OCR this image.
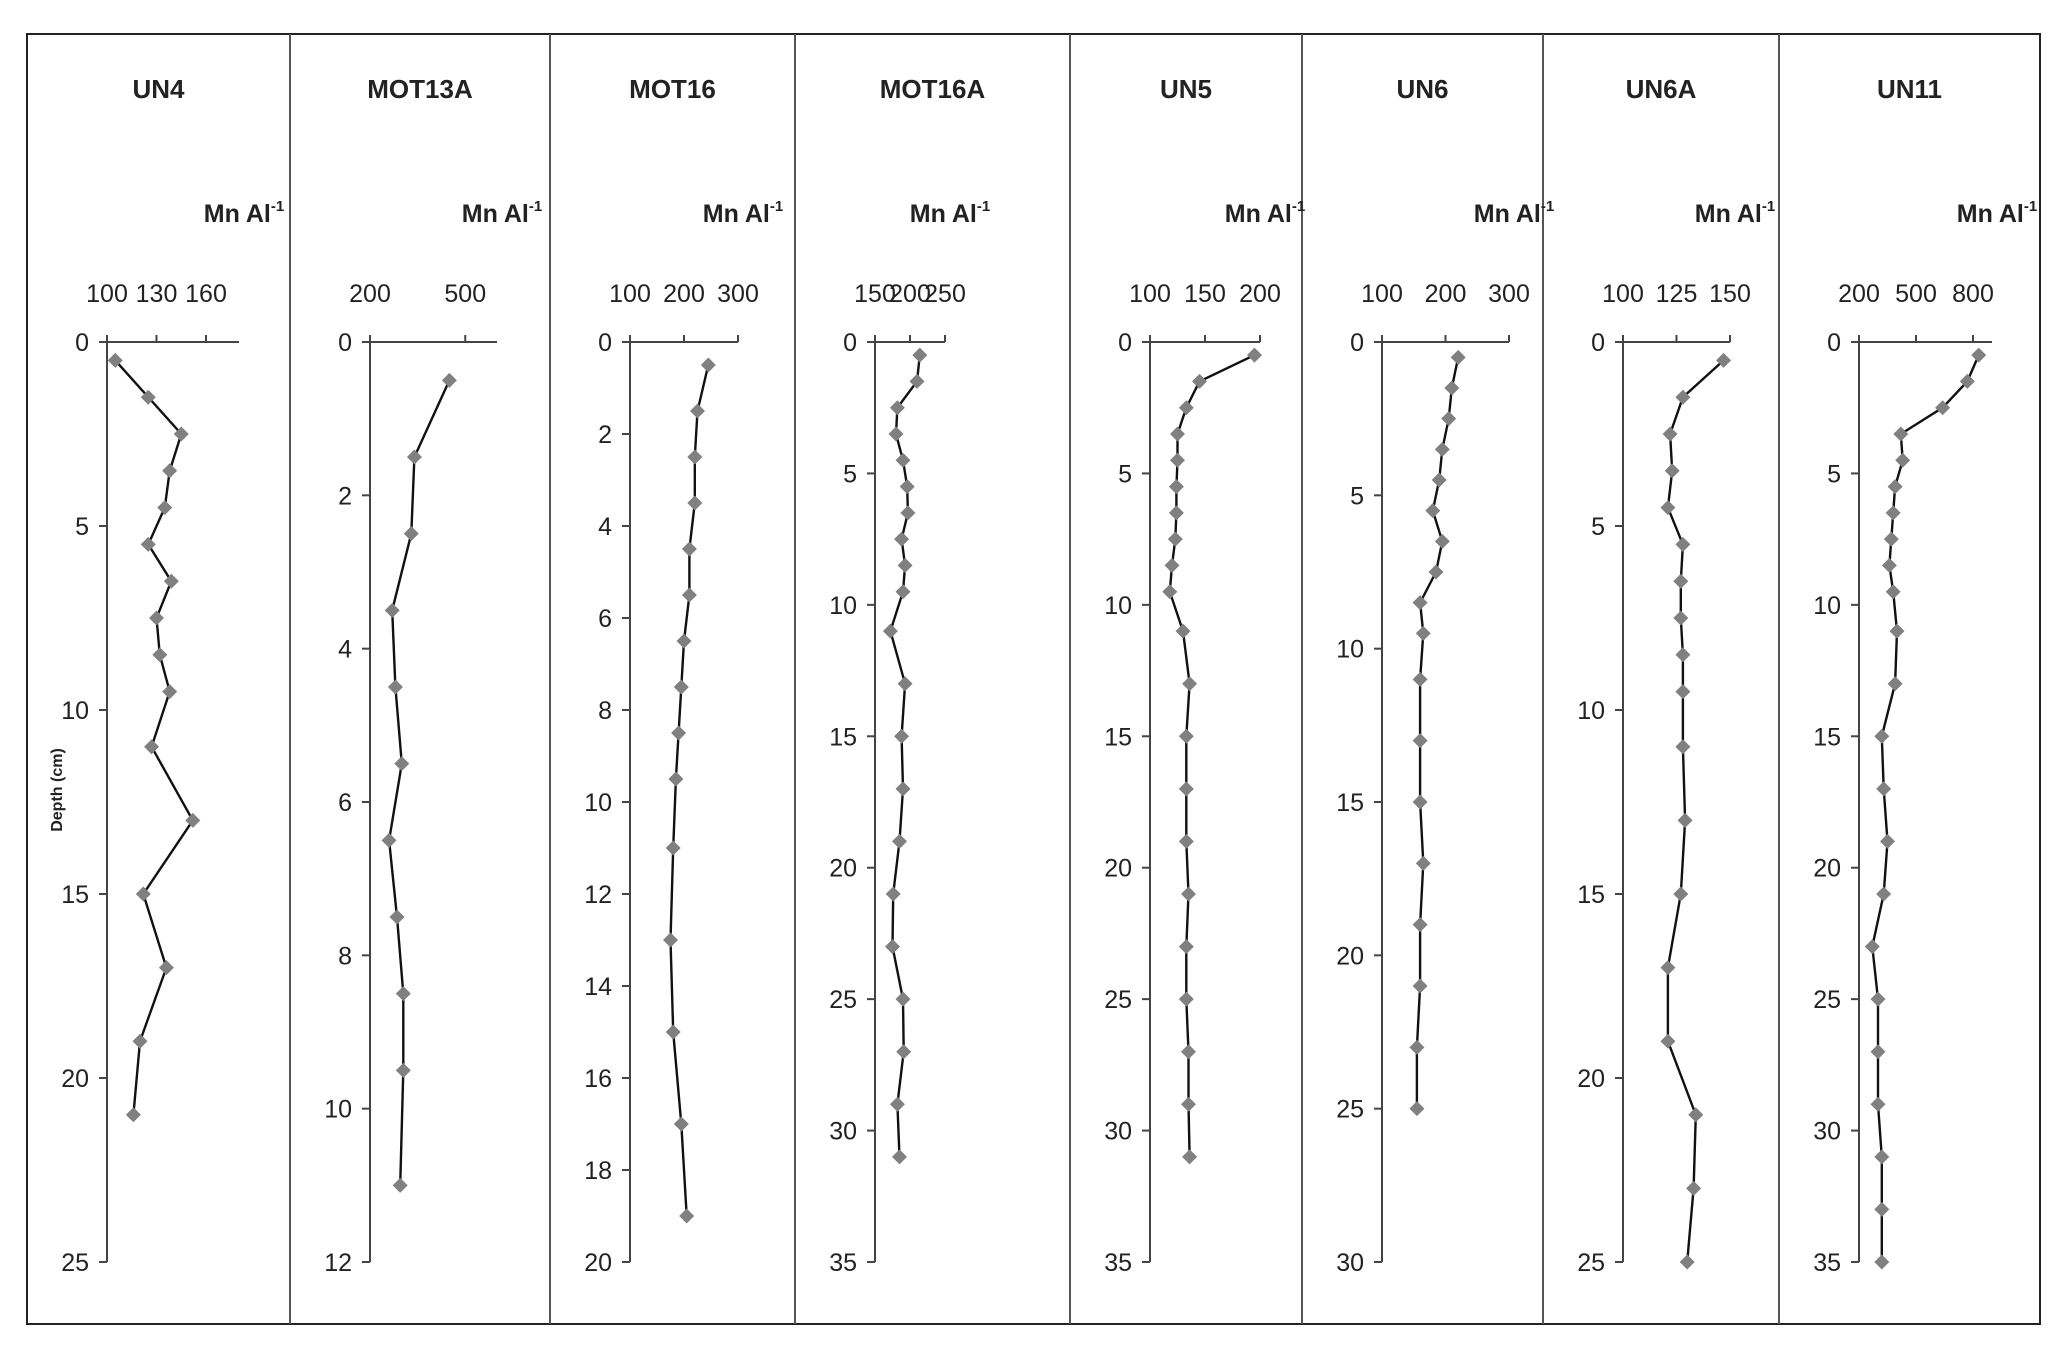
UN4
Mn $Al^{-1}$
100 130 160
0
5
10
15
20
25
MOT13A
Mn $Al^{-1}$
200 500
0
2
4
6
8
10
12
MOT16
Mn $Al^{-1}$
100 200 300
0
2
4
6
8
10
12
14
16
18
20
MOT16A
Mn $Al^{-1}$
150
200
250
0
5
10
15
20
25
30
35
UN5
Mn $Al^{-1}$
100 150 200
0
5
10
15
20
25
30
35
UN6
Mn $Al^{-1}$
100 200 300
0
5
10
15
20
25
30
UN6A
Mn $Al^{-1}$
100 125 150
0
5
10
15
20
25
UN11
Mn $Al^{-1}$
200 500 800
0
5
10
15
20
25
30
35
Depth (cm)
